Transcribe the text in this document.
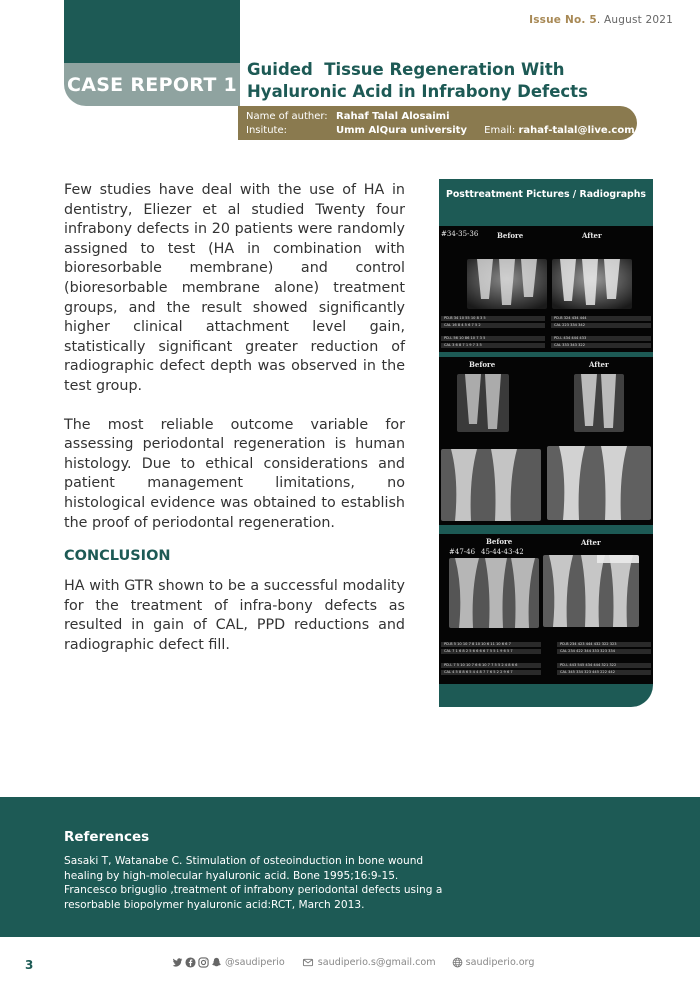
Issue No. 5. August 2021
CASE REPORT 1
Guided  Tissue Regeneration With
Hyaluronic Acid in Infrabony Defects
Name of auther: Rahaf Talal Alosaimi
Insitute:	Umm AlQura university Email: rahaf-talal@live.com

Few studies have deal with the use of HA in dentistry, Eliezer et al studied Twenty four infrabony defects in 20 patients were randomly assigned to test (HA in combination with bioresorbable membrane) and control (bioresorbable membrane alone) treatment groups, and the result showed significantly higher clinical attachment level gain, statistically significant greater reduction of radiographic defect depth was observed in the test group.

The most reliable outcome variable for assessing periodontal regeneration is human histology. Due to ethical considerations and patient management limitations, no histological evidence was obtained to establish the proof of periodontal regeneration.

CONCLUSION
HA with GTR shown to be a successful modality for the treatment of infra-bony defects as resulted in gain of CAL, PPD reductions and radiographic defect fill.
Posttreatment Pictures / Radiographs
#34-35-36	Before	After
PD-B 34 10 55 10 8 3 5
CAL 16 8 4 5 6 7 5 2
PD-L 56 10 86 10 7 3 5
CAL 3 6 8 7 1 9 7 3 5
PD-B 324 434 444
CAL 223 334 342
PD-L 434 444 433
CAL 333 343 322
Before	After
Before	After
#47-46 45-44-43-42
PD-B 5 10 10 7 8 10 10 6 11 10 6 6 7
CAL 7 1 6 8 2 5 6 6 6 6 7 5 5 1 9 6 5 7
PD-L 7 5 10 10 7 6 6 10 7 7 5 5 2 4 8 6 6
CAL 4 5 8 8 6 5 4 4 8 7 7 6 5 2 2 9 6 7
PD-B 234 423 444 432 322 323
CAL 234 422 344 333 323 334
PD-L 443 545 434 444 321 322
CAL 345 334 323 445 222 442
References
Sasaki T, Watanabe C. Stimulation of osteoinduction in bone wound healing by high-molecular hyaluronic acid. Bone 1995;16:9-15.
Francesco briguglio ,treatment of infrabony periodontal defects using a resorbable biopolymer hyaluronic acid:RCT, March 2013.
3	@saudiperio	saudiperio.s@gmail.com	saudiperio.org
